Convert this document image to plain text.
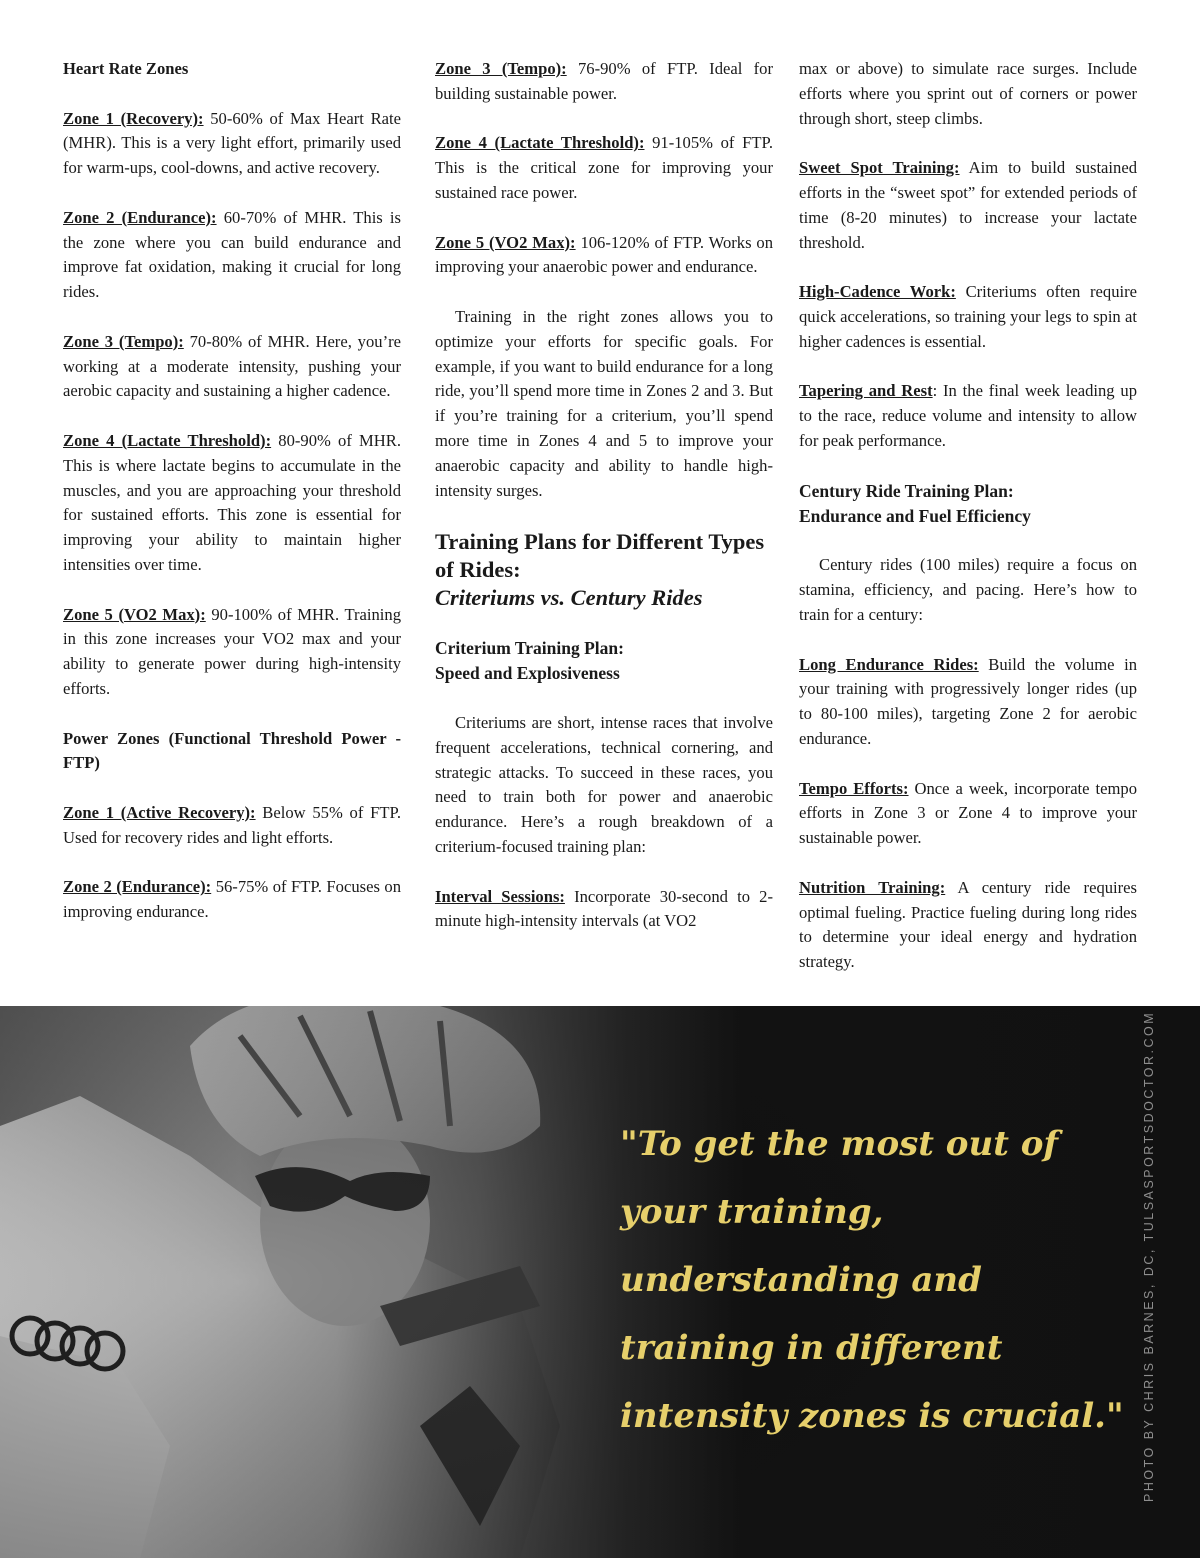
Heart Rate Zones

Zone 1 (Recovery): 50-60% of Max Heart Rate (MHR). This is a very light effort, primarily used for warm-ups, cool-downs, and active recovery.

Zone 2 (Endurance): 60-70% of MHR. This is the zone where you can build endurance and improve fat oxidation, making it crucial for long rides.

Zone 3 (Tempo): 70-80% of MHR. Here, you’re working at a moderate intensity, pushing your aerobic capacity and sustaining a higher cadence.

Zone 4 (Lactate Threshold): 80-90% of MHR. This is where lactate begins to accumulate in the muscles, and you are approaching your threshold for sustained efforts. This zone is essential for improving your ability to maintain higher intensities over time.

Zone 5 (VO2 Max): 90-100% of MHR. Training in this zone increases your VO2 max and your ability to generate power during high-intensity efforts.

Power Zones (Functional Threshold Power - FTP)

Zone 1 (Active Recovery): Below 55% of FTP. Used for recovery rides and light efforts.

Zone 2 (Endurance): 56-75% of FTP. Focuses on improving endurance.

Zone 3 (Tempo): 76-90% of FTP. Ideal for building sustainable power.

Zone 4 (Lactate Threshold): 91-105% of FTP. This is the critical zone for improving your sustained race power.

Zone 5 (VO2 Max): 106-120% of FTP. Works on improving your anaerobic power and endurance.

Training in the right zones allows you to optimize your efforts for specific goals. For example, if you want to build endurance for a long ride, you’ll spend more time in Zones 2 and 3. But if you’re training for a criterium, you’ll spend more time in Zones 4 and 5 to improve your anaerobic capacity and ability to handle high-intensity surges.

Training Plans for Different Types of Rides:
Criteriums vs. Century Rides
Criterium Training Plan:
Speed and Explosiveness

Criteriums are short, intense races that involve frequent accelerations, technical cornering, and strategic attacks. To succeed in these races, you need to train both for power and anaerobic endurance. Here’s a rough breakdown of a criterium-focused training plan:

Interval Sessions: Incorporate 30-second to 2-minute high-intensity intervals (at VO2

max or above) to simulate race surges. Include efforts where you sprint out of corners or power through short, steep climbs.

Sweet Spot Training: Aim to build sustained efforts in the “sweet spot” for extended periods of time (8-20 minutes) to increase your lactate threshold.

High-Cadence Work: Criteriums often require quick accelerations, so training your legs to spin at higher cadences is essential.

Tapering and Rest: In the final week leading up to the race, reduce volume and intensity to allow for peak performance.

Century Ride Training Plan:
Endurance and Fuel Efficiency

Century rides (100 miles) require a focus on stamina, efficiency, and pacing. Here’s how to train for a century:

Long Endurance Rides: Build the volume in your training with progressively longer rides (up to 80-100 miles), targeting Zone 2 for aerobic endurance.

Tempo Efforts: Once a week, incorporate tempo efforts in Zone 3 or Zone 4 to improve your sustainable power.

Nutrition Training: A century ride requires optimal fueling. Practice fueling during long rides to determine your ideal energy and hydration strategy.

"To get the most out of your training, understanding and training in different intensity zones is crucial."	PHOTO BY CHRIS BARNES, DC, TULSASPORTSDOCTOR.COM
